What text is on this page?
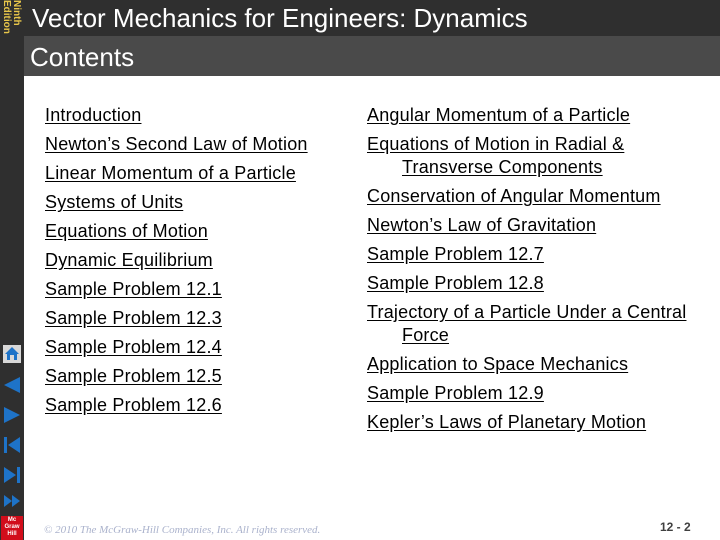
Ninth
Edition
Mc
Graw
Hill
Vector Mechanics for Engineers: Dynamics
Contents
Introduction
Newton’s Second Law of Motion
Linear Momentum of a Particle
Systems of Units
Equations of Motion
Dynamic Equilibrium
Sample Problem 12.1
Sample Problem 12.3
Sample Problem 12.4
Sample Problem 12.5
Sample Problem 12.6
Angular Momentum of a Particle
Equations of Motion in Radial & Transverse Components
Conservation of Angular Momentum
Newton’s Law of Gravitation
Sample Problem 12.7
Sample Problem 12.8
Trajectory of a Particle Under a Central Force
Application to Space Mechanics
Sample Problem 12.9
Kepler’s Laws of Planetary Motion
© 2010 The McGraw-Hill Companies, Inc. All rights reserved.	12 - 2
